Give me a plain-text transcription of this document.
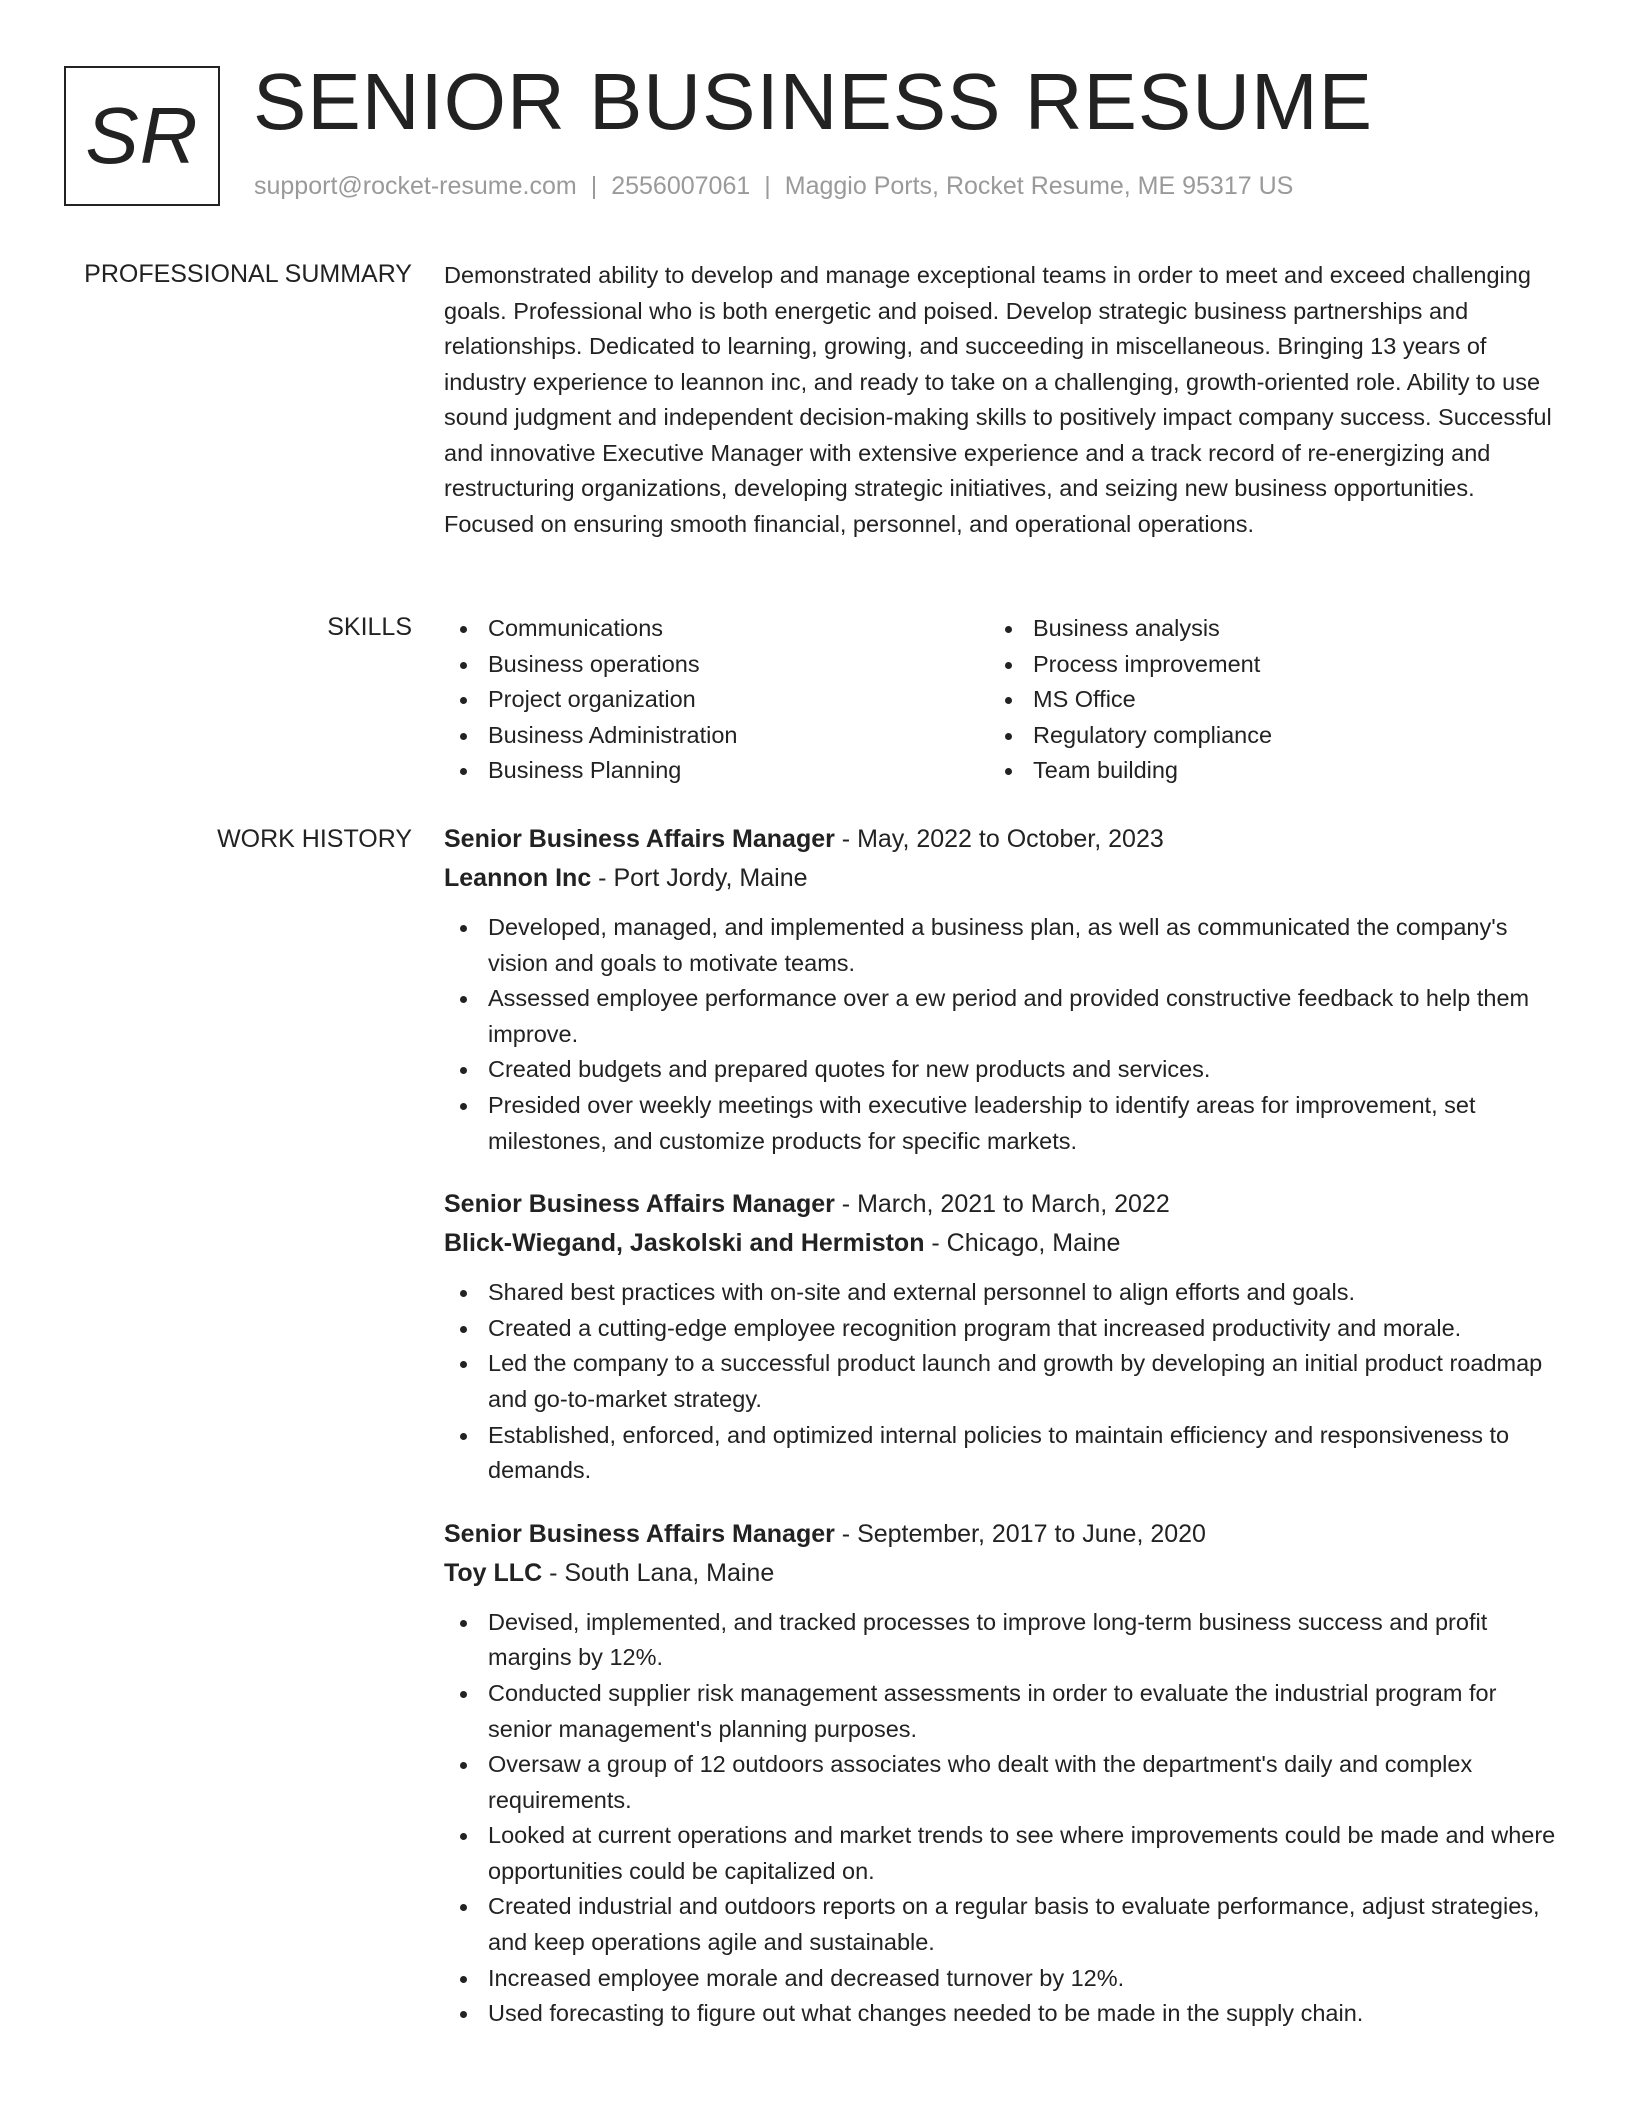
SR SENIOR BUSINESS RESUME
support@rocket-resume.com | 2556007061 | Maggio Ports, Rocket Resume, ME 95317 US
PROFESSIONAL SUMMARY Demonstrated ability to develop and manage exceptional teams in order to meet and exceed challenging goals. Professional who is both energetic and poised. Develop strategic business partnerships and relationships. Dedicated to learning, growing, and succeeding in miscellaneous. Bringing 13 years of industry experience to leannon inc, and ready to take on a challenging, growth-oriented role. Ability to use sound judgment and independent decision-making skills to positively impact company success. Successful and innovative Executive Manager with extensive experience and a track record of re-energizing and restructuring organizations, developing strategic initiatives, and seizing new business opportunities. Focused on ensuring smooth financial, personnel, and operational operations.

SKILLS	Communications
Business operations
Project organization
Business Administration
Business Planning
Business analysis
Process improvement
MS Office
Regulatory compliance
Team building
WORK HISTORY Senior Business Affairs Manager - May, 2022 to October, 2023
Leannon Inc - Port Jordy, Maine
Developed, managed, and implemented a business plan, as well as communicated the company's vision and goals to motivate teams.
Assessed employee performance over a ew period and provided constructive feedback to help them improve.
Created budgets and prepared quotes for new products and services.
Presided over weekly meetings with executive leadership to identify areas for improvement, set milestones, and customize products for specific markets.
Senior Business Affairs Manager - March, 2021 to March, 2022
Blick-Wiegand, Jaskolski and Hermiston - Chicago, Maine
Shared best practices with on-site and external personnel to align efforts and goals.
Created a cutting-edge employee recognition program that increased productivity and morale.
Led the company to a successful product launch and growth by developing an initial product roadmap and go-to-market strategy.
Established, enforced, and optimized internal policies to maintain efficiency and responsiveness to demands.
Senior Business Affairs Manager - September, 2017 to June, 2020
Toy LLC - South Lana, Maine
Devised, implemented, and tracked processes to improve long-term business success and profit margins by 12%.
Conducted supplier risk management assessments in order to evaluate the industrial program for senior management's planning purposes.
Oversaw a group of 12 outdoors associates who dealt with the department's daily and complex requirements.
Looked at current operations and market trends to see where improvements could be made and where opportunities could be capitalized on.
Created industrial and outdoors reports on a regular basis to evaluate performance, adjust strategies, and keep operations agile and sustainable.
Increased employee morale and decreased turnover by 12%.
Used forecasting to figure out what changes needed to be made in the supply chain.
